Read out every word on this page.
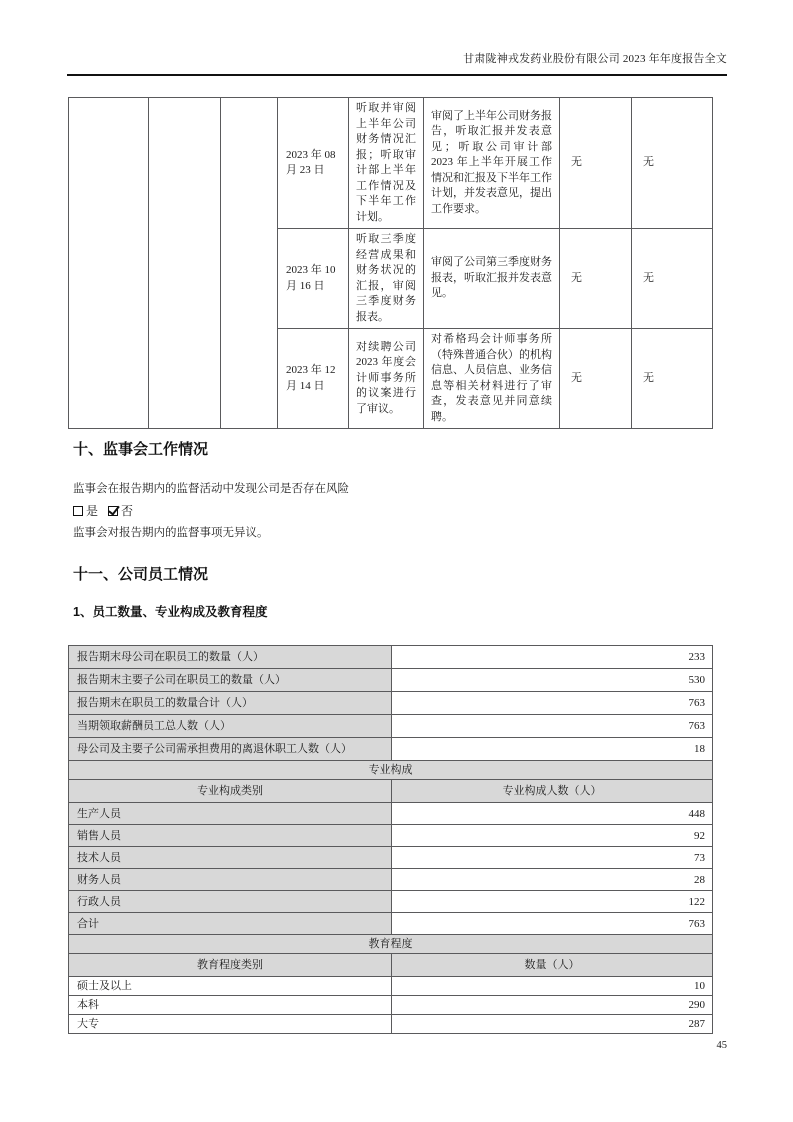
甘肃陇神戎发药业股份有限公司 2023 年年度报告全文
			2023 年 08 月 23 日	听取并审阅上半年公司财务情况汇报；听取审计部上半年工作情况及下半年工作计划。	审阅了上半年公司财务报告，听取汇报并发表意见；听取公司审计部 2023 年上半年开展工作情况和汇报及下半年工作计划，并发表意见，提出工作要求。	无	无
			2023 年 10 月 16 日	听取三季度经营成果和财务状况的汇报，审阅三季度财务报表。	审阅了公司第三季度财务报表，听取汇报并发表意见。	无	无
			2023 年 12 月 14 日	对续聘公司 2023 年度会计师事务所的议案进行了审议。	对希格玛会计师事务所（特殊普通合伙）的机构信息、人员信息、业务信息等相关材料进行了审查，发表意见并同意续聘。	无	无
十、监事会工作情况
监事会在报告期内的监督活动中发现公司是否存在风险
是 否
监事会对报告期内的监督事项无异议。
十一、公司员工情况
1、员工数量、专业构成及教育程度
报告期末母公司在职员工的数量（人）	233
报告期末主要子公司在职员工的数量（人）	530
报告期末在职员工的数量合计（人）	763
当期领取薪酬员工总人数（人）	763
母公司及主要子公司需承担费用的离退休职工人数（人）	18
专业构成	
专业构成类别	专业构成人数（人）
生产人员	448
销售人员	92
技术人员	73
财务人员	28
行政人员	122
合计	763
教育程度	
教育程度类别	数量（人）
硕士及以上	10
本科	290
大专	287
45
